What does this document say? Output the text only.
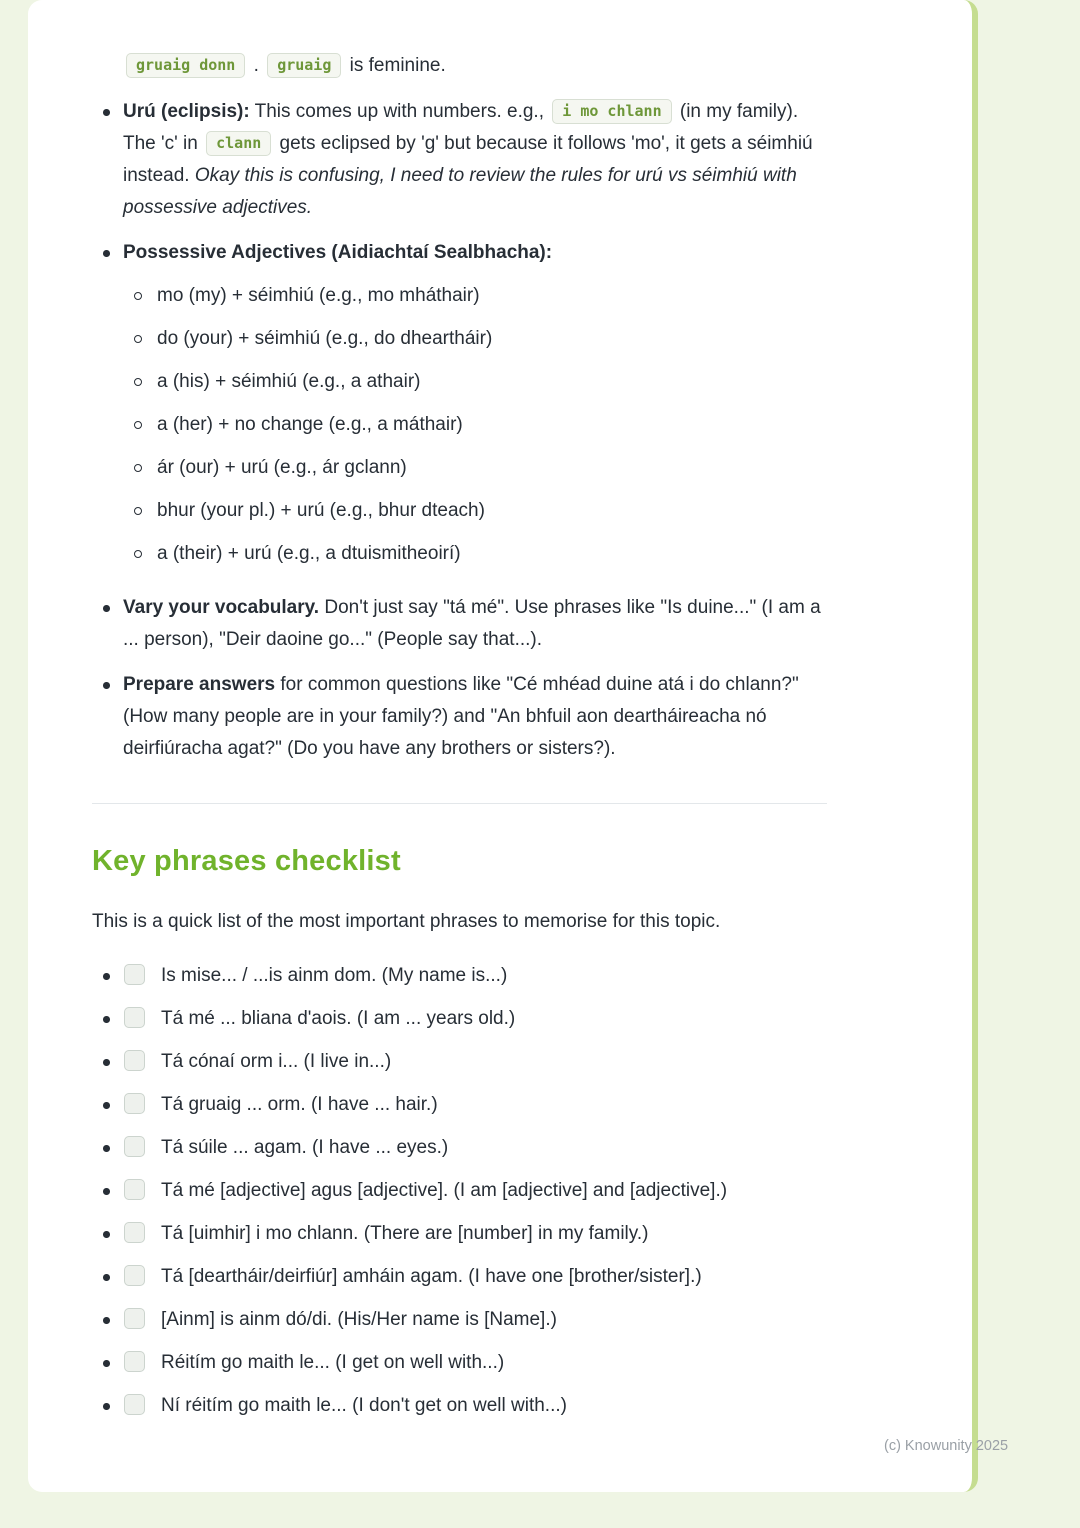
gruaig donn . gruaig is feminine.
Urú (eclipsis): This comes up with numbers. e.g., i mo chlann (in my family). The 'c' in clann gets eclipsed by 'g' but because it follows 'mo', it gets a séimhiú instead. Okay this is confusing, I need to review the rules for urú vs séimhiú with possessive adjectives.
Possessive Adjectives (Aidiachtaí Sealbhacha):
mo (my) + séimhiú (e.g., mo mháthair)
do (your) + séimhiú (e.g., do dheartháir)
a (his) + séimhiú (e.g., a athair)
a (her) + no change (e.g., a máthair)
ár (our) + urú (e.g., ár gclann)
bhur (your pl.) + urú (e.g., bhur dteach)
a (their) + urú (e.g., a dtuismitheoirí)
Vary your vocabulary. Don't just say "tá mé". Use phrases like "Is duine..." (I am a ... person), "Deir daoine go..." (People say that...).
Prepare answers for common questions like "Cé mhéad duine atá i do chlann?" (How many people are in your family?) and "An bhfuil aon deartháireacha nó deirfiúracha agat?" (Do you have any brothers or sisters?).
Key phrases checklist

This is a quick list of the most important phrases to memorise for this topic.

Is mise... / ...is ainm dom. (My name is...)
Tá mé ... bliana d'aois. (I am ... years old.)
Tá cónaí orm i... (I live in...)
Tá gruaig ... orm. (I have ... hair.)
Tá súile ... agam. (I have ... eyes.)
Tá mé [adjective] agus [adjective]. (I am [adjective] and [adjective].)
Tá [uimhir] i mo chlann. (There are [number] in my family.)
Tá [deartháir/deirfiúr] amháin agam. (I have one [brother/sister].)
[Ainm] is ainm dó/di. (His/Her name is [Name].)
Réitím go maith le... (I get on well with...)
Ní réitím go maith le... (I don't get on well with...)
(c) Knowunity 2025
